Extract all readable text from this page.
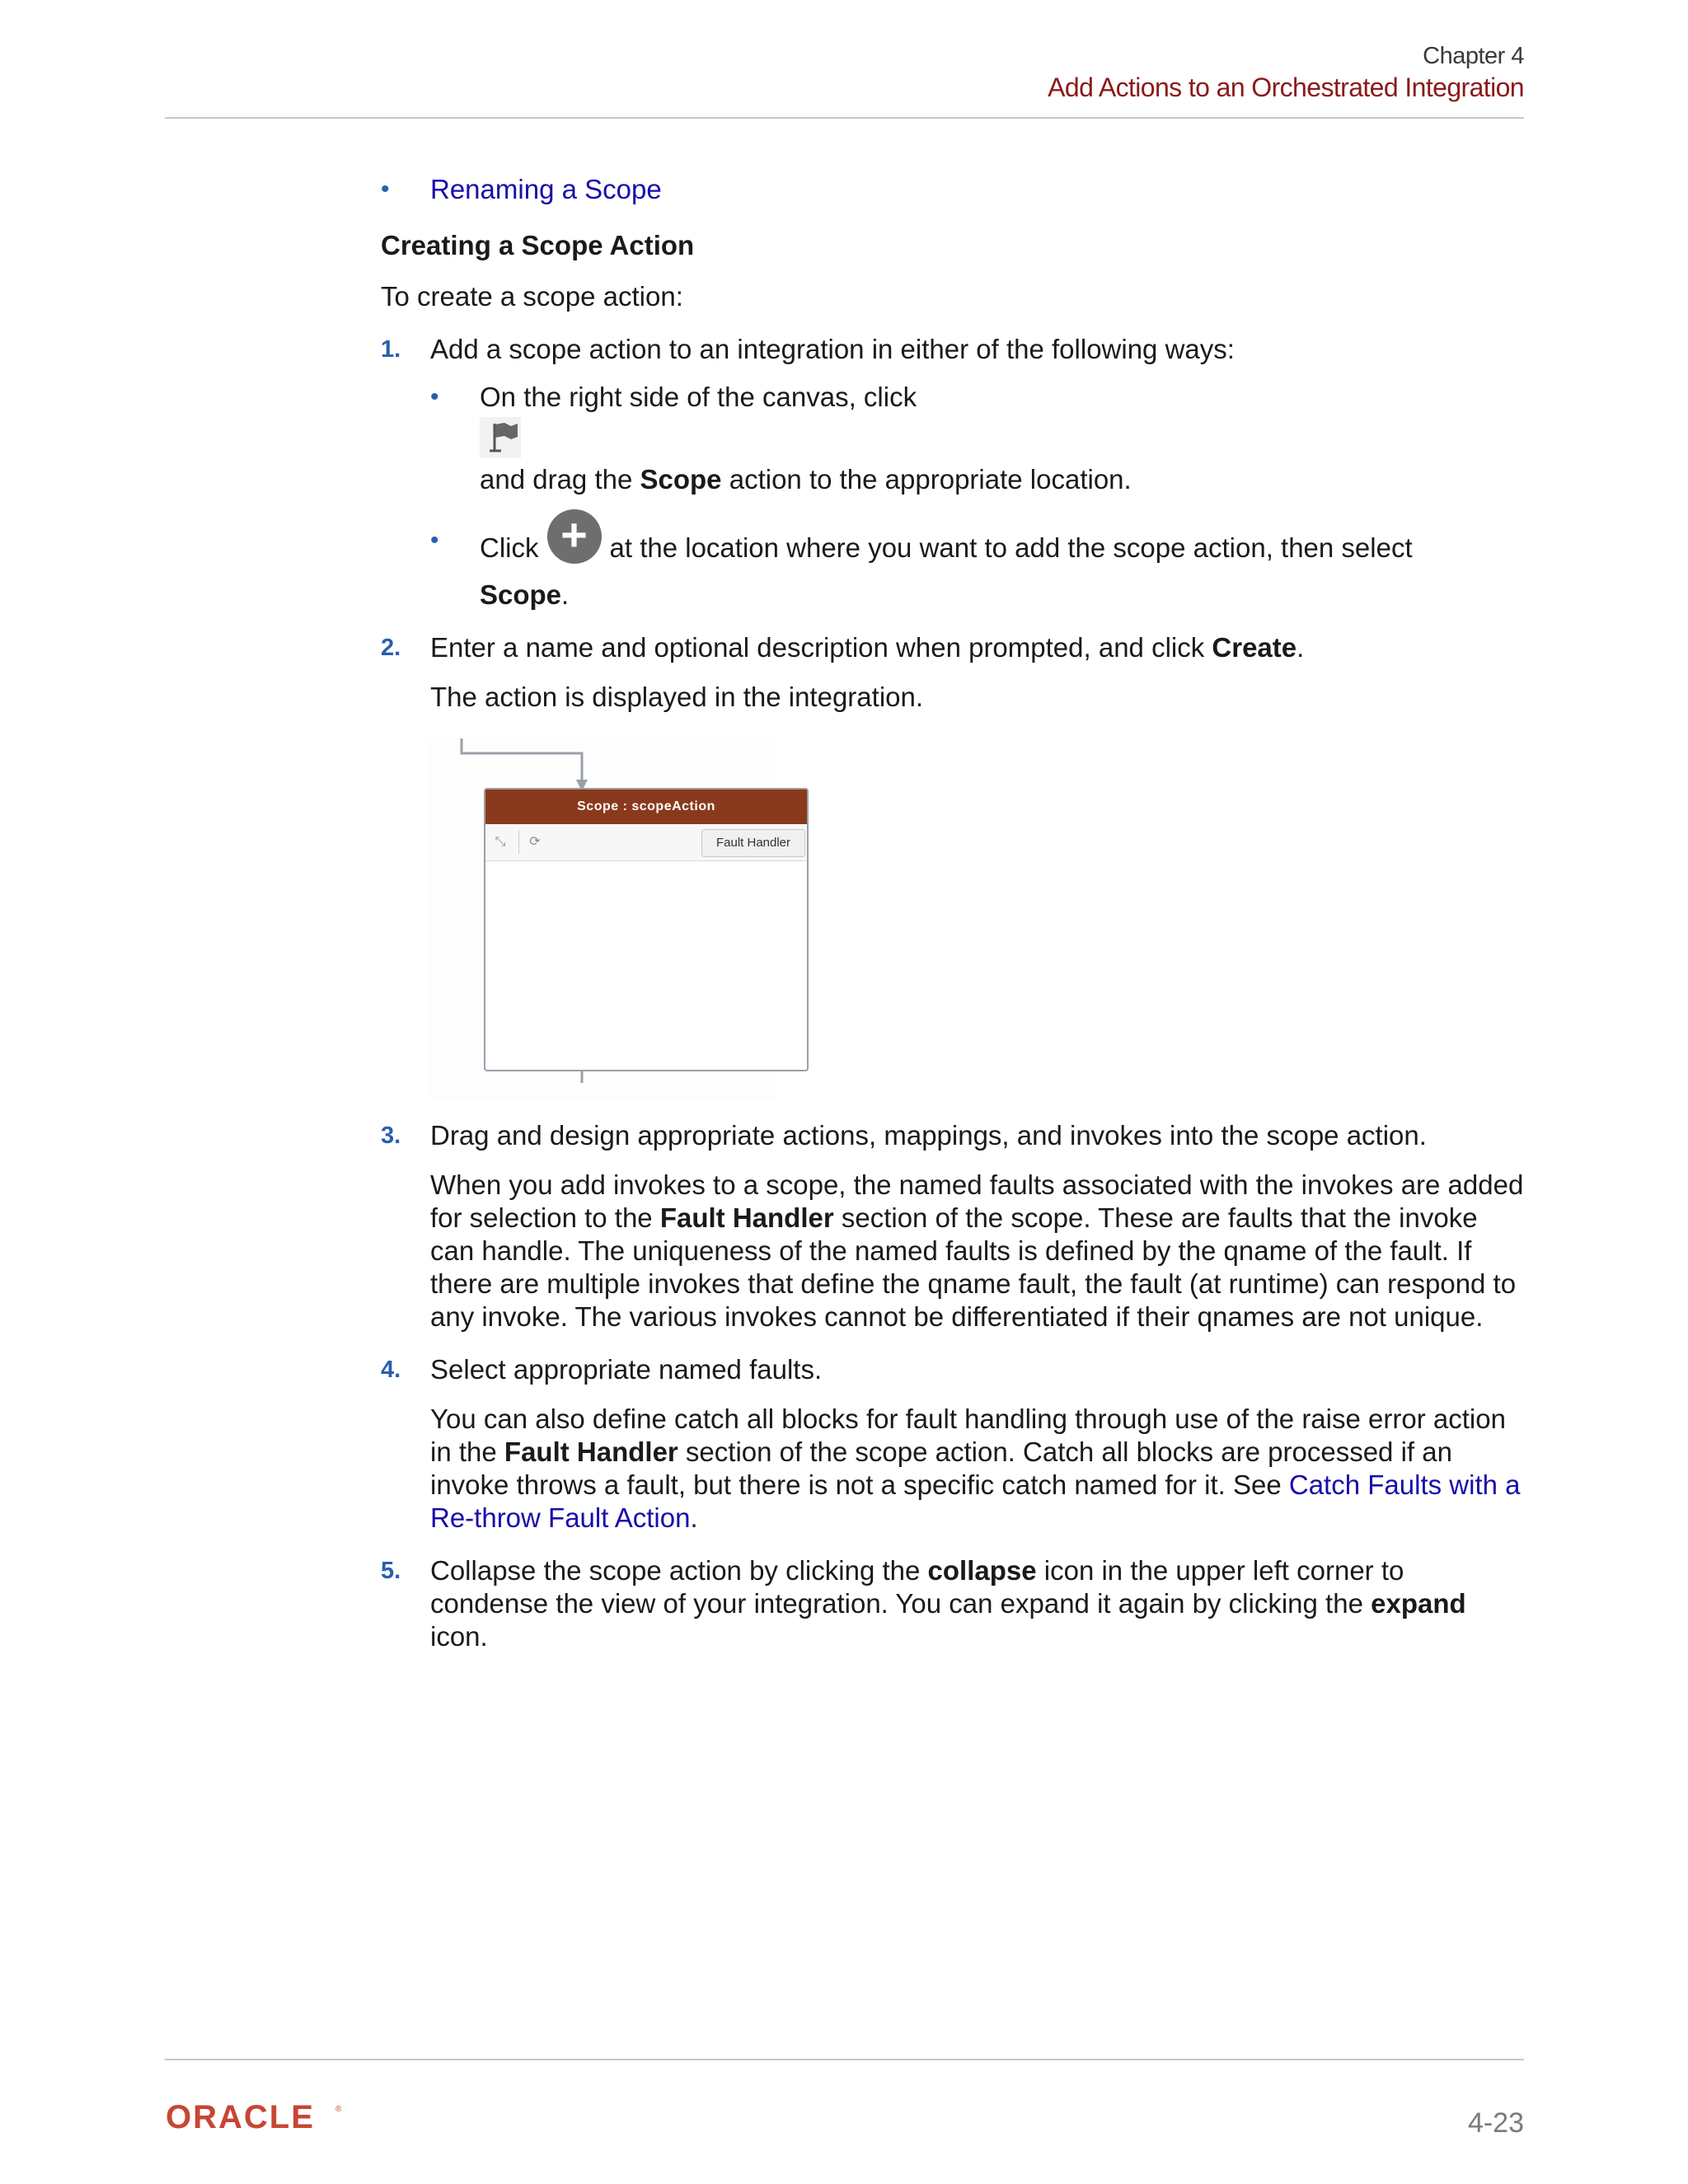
Chapter 4
Add Actions to an Orchestrated Integration
• Renaming a Scope
Creating a Scope Action

To create a scope action:

1. Add a scope action to an integration in either of the following ways:

• On the right side of the canvas, click

and drag the Scope action to the appropriate location.

• Click + at the location where you want to add the scope action, then select
Scope.

2. Enter a name and optional description when prompted, and click Create.

The action is displayed in the integration.

Scope : scopeAction
⤡ ⟳	Fault Handler
3. Drag and design appropriate actions, mappings, and invokes into the scope action.

When you add invokes to a scope, the named faults associated with the invokes are added for selection to the Fault Handler section of the scope. These are faults that the invoke can handle. The uniqueness of the named faults is defined by the qname of the fault. If there are multiple invokes that define the qname fault, the fault (at runtime) can respond to any invoke. The various invokes cannot be differentiated if their qnames are not unique.

4. Select appropriate named faults.

You can also define catch all blocks for fault handling through use of the raise error action in the Fault Handler section of the scope action. Catch all blocks are processed if an invoke throws a fault, but there is not a specific catch named for it. See Catch Faults with a Re-throw Fault Action.

5. Collapse the scope action by clicking the collapse icon in the upper left corner to condense the view of your integration. You can expand it again by clicking the expand icon.

ORACLE	®	4-23
